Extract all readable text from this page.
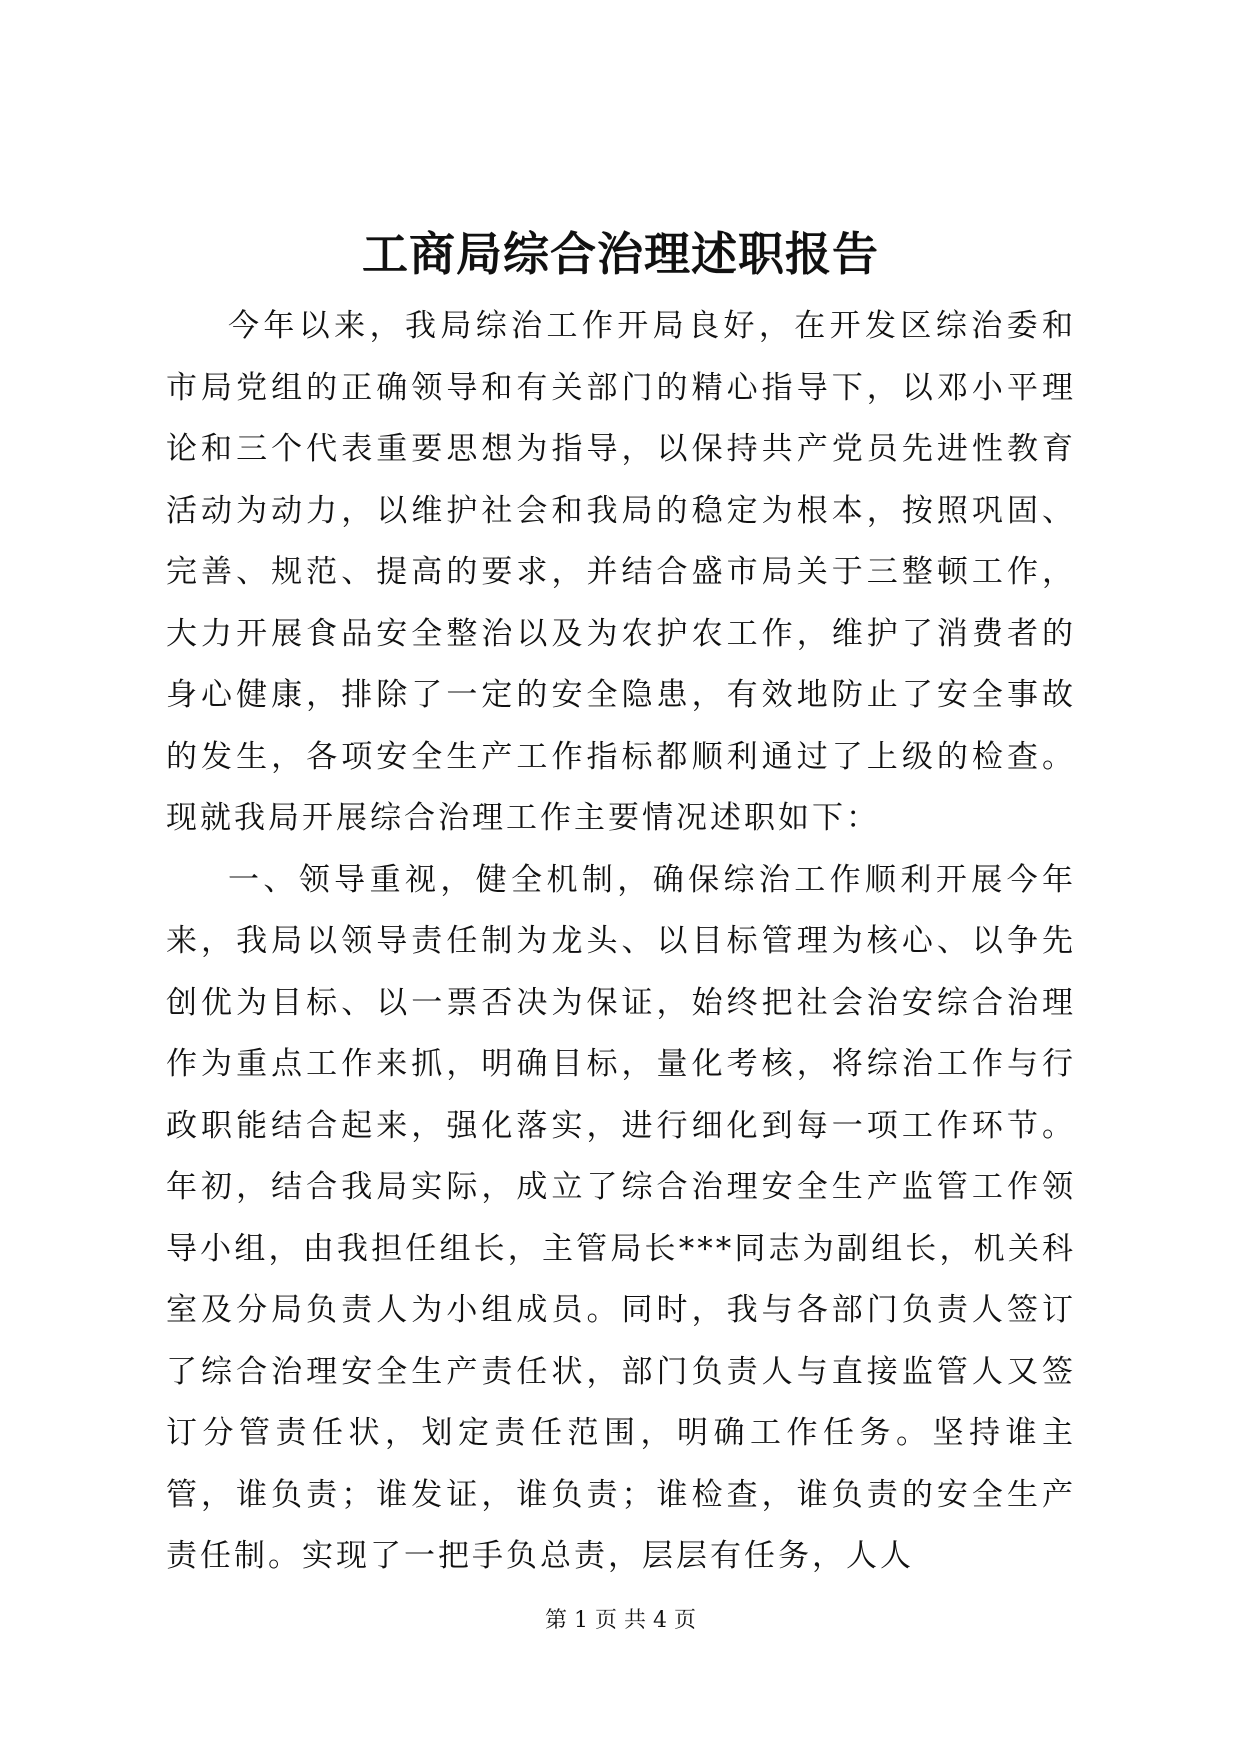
工商局综合治理述职报告

今年以来，我局综治工作开局良好，在开发区综治委和市局党组的正确领导和有关部门的精心指导下，以邓小平理论和三个代表重要思想为指导，以保持共产党员先进性教育活动为动力，以维护社会和我局的稳定为根本，按照巩固、完善、规范、提高的要求，并结合盛市局关于三整顿工作，大力开展食品安全整治以及为农护农工作，维护了消费者的身心健康，排除了一定的安全隐患，有效地防止了安全事故的发生，各项安全生产工作指标都顺利通过了上级的检查。现就我局开展综合治理工作主要情况述职如下：

一、领导重视，健全机制，确保综治工作顺利开展今年来，我局以领导责任制为龙头、以目标管理为核心、以争先创优为目标、以一票否决为保证，始终把社会治安综合治理作为重点工作来抓，明确目标，量化考核，将综治工作与行政职能结合起来，强化落实，进行细化到每一项工作环节。年初，结合我局实际，成立了综合治理安全生产监管工作领导小组，由我担任组长，主管局长***同志为副组长，机关科室及分局负责人为小组成员。同时，我与各部门负责人签订了综合治理安全生产责任状，部门负责人与直接监管人又签订分管责任状，划定责任范围，明确工作任务。坚持谁主管，谁负责；谁发证，谁负责；谁检查，谁负责的安全生产责任制。实现了一把手负总责，层层有任务，人人

第 1 页 共 4 页
